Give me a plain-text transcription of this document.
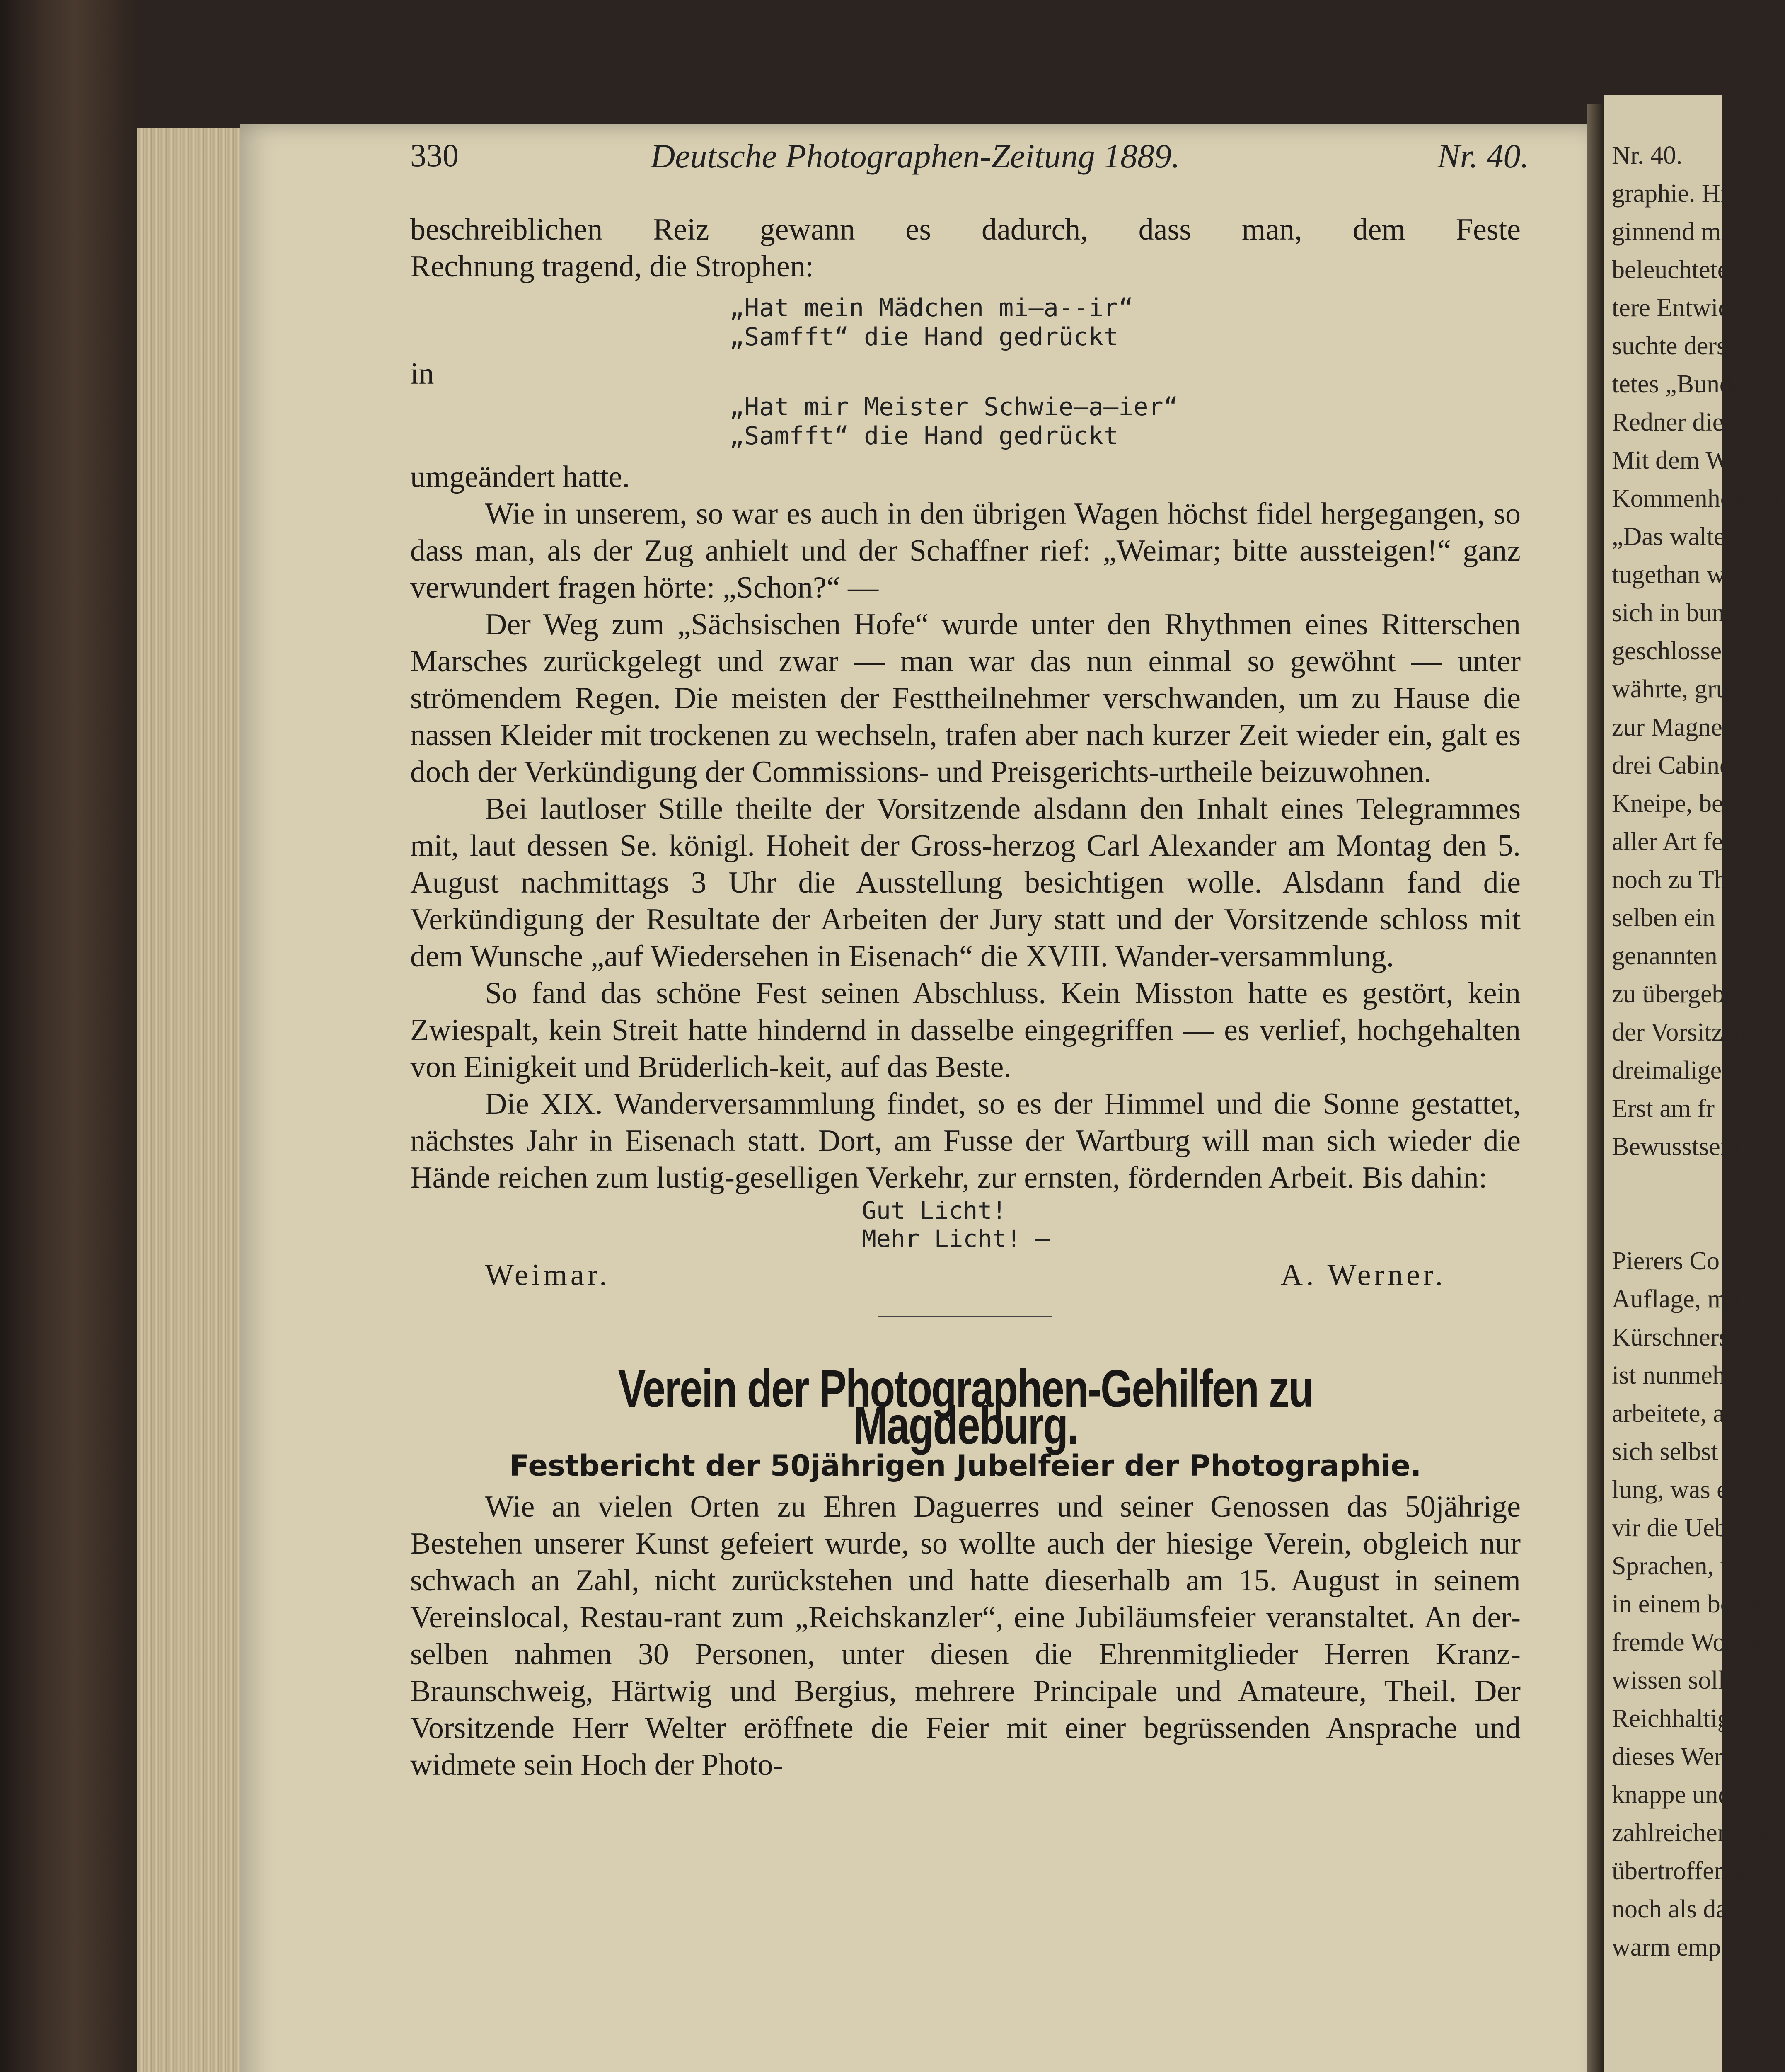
330	Deutsche Photographen-Zeitung 1889.	Nr. 40.

beschreiblichen Reiz gewann es dadurch, dass man, dem Feste

Rechnung tragend, die Strophen:

„Hat mein Mädchen mi—a--ir“
„Samfft“ die Hand gedrückt

in

„Hat mir Meister Schwie—a—ier“
„Samfft“ die Hand gedrückt

umgeändert hatte.

Wie in unserem, so war es auch in den übrigen Wagen höchst fidel hergegangen, so dass man, als der Zug anhielt und der Schaffner rief: „Weimar; bitte aussteigen!“ ganz verwundert fragen hörte: „Schon?“ —

Der Weg zum „Sächsischen Hofe“ wurde unter den Rhythmen eines Ritterschen Marsches zurückgelegt und zwar — man war das nun einmal so gewöhnt — unter strömendem Regen. Die meisten der Festtheilnehmer verschwanden, um zu Hause die nassen Kleider mit trockenen zu wechseln, trafen aber nach kurzer Zeit wieder ein, galt es doch der Verkündigung der Commissions- und Preisgerichts-urtheile beizuwohnen.

Bei lautloser Stille theilte der Vorsitzende alsdann den Inhalt eines Telegrammes mit, laut dessen Se. königl. Hoheit der Gross-herzog Carl Alexander am Montag den 5. August nachmittags 3 Uhr die Ausstellung besichtigen wolle. Alsdann fand die Verkündigung der Resultate der Arbeiten der Jury statt und der Vorsitzende schloss mit dem Wunsche „auf Wiedersehen in Eisenach“ die XVIII. Wander-versammlung.

So fand das schöne Fest seinen Abschluss. Kein Misston hatte es gestört, kein Zwiespalt, kein Streit hatte hindernd in dasselbe eingegriffen — es verlief, hochgehalten von Einigkeit und Brüderlich-keit, auf das Beste.

Die XIX. Wanderversammlung findet, so es der Himmel und die Sonne gestattet, nächstes Jahr in Eisenach statt. Dort, am Fusse der Wartburg will man sich wieder die Hände reichen zum lustig-geselligen Verkehr, zur ernsten, fördernden Arbeit. Bis dahin:

Gut Licht!
Mehr Licht! —
Weimar.	A. Werner.
Verein der Photographen-Gehilfen zu Magdeburg.
Festbericht der 50jährigen Jubelfeier der Photographie.

Wie an vielen Orten zu Ehren Daguerres und seiner Genossen das 50jährige Bestehen unserer Kunst gefeiert wurde, so wollte auch der hiesige Verein, obgleich nur schwach an Zahl, nicht zurückstehen und hatte dieserhalb am 15. August in seinem Vereinslocal, Restau-rant zum „Reichskanzler“, eine Jubiläumsfeier veranstaltet. An der-selben nahmen 30 Personen, unter diesen die Ehrenmitglieder Herren Kranz-Braunschweig, Härtwig und Bergius, mehrere Principale und Amateure, Theil. Der Vorsitzende Herr Welter eröffnete die Feier mit einer begrüssenden Ansprache und widmete sein Hoch der Photo-

Nr. 40.
graphie. Hiera
ginnend mit d
beleuchtete der
tere Entwicklu
suchte derselbe
tetes „Bundeslie
Redner die jün
Mit dem Wunsc
Kommenheit bri
„Das walte Gott
tugethan wurde
sich in bunter
geschlossen.
währte, gruppir
zur Magnesium-
drei Cabinet g
Kneipe, bei der
aller Art fehlte.
noch zu Theil.
selben ein Land
genannten mit
zu übergeben.
der Vorsitzende
dreimaliges Hoc
Erst am fr
Bewusstsein, ei
Pierers Co
Auflage, mit z
Kürschners Sys
ist nunmehr bi
arbeitete, alles
sich selbst gest
lung, was es i
vir die Ueberse
Sprachen, und
in einem besor
fremde Wort in
wissen sollte
Reichhaltigkeit
dieses Werkes,
knappe und prä
zahlreichen bun
übertroffener Sc
noch als das b
warm empfehlen
